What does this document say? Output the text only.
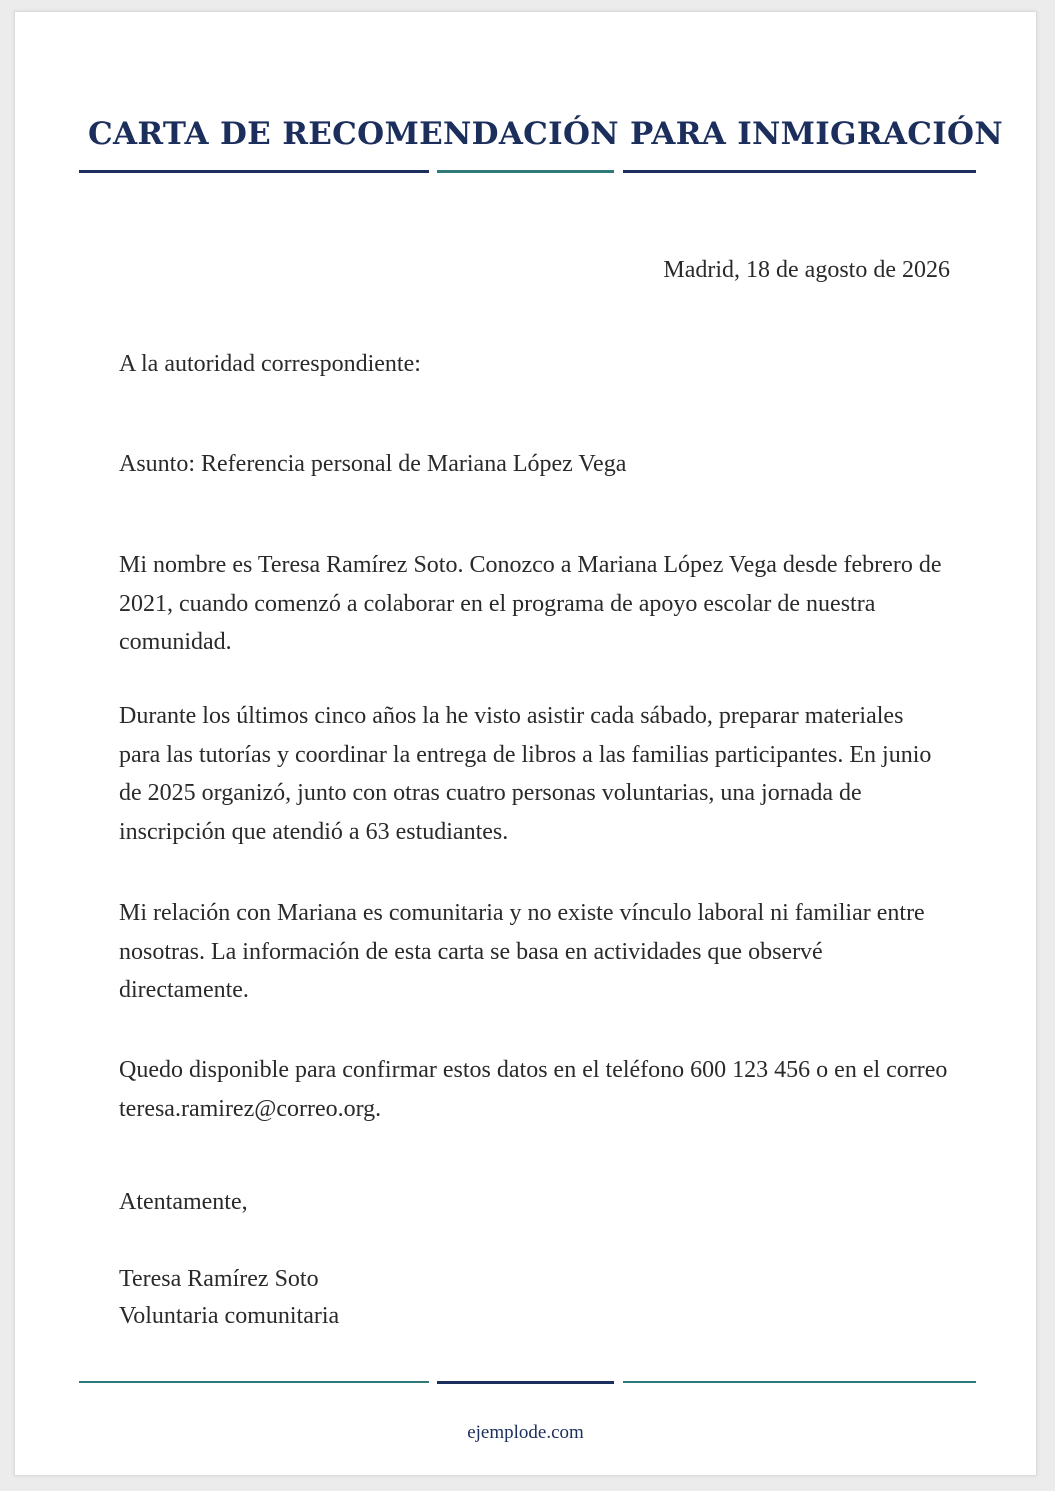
CARTA DE RECOMENDACIÓN PARA INMIGRACIÓN
Madrid, 18 de agosto de 2026

A la autoridad correspondiente:

Asunto: Referencia personal de Mariana López Vega

Mi nombre es Teresa Ramírez Soto. Conozco a Mariana López Vega desde febrero de 2021, cuando comenzó a colaborar en el programa de apoyo escolar de nuestra comunidad.

Durante los últimos cinco años la he visto asistir cada sábado, preparar materiales para las tutorías y coordinar la entrega de libros a las familias participantes. En junio de 2025 organizó, junto con otras cuatro personas voluntarias, una jornada de inscripción que atendió a 63 estudiantes.

Mi relación con Mariana es comunitaria y no existe vínculo laboral ni familiar entre nosotras. La información de esta carta se basa en actividades que observé directamente.

Quedo disponible para confirmar estos datos en el teléfono 600 123 456 o en el correo teresa.ramirez@correo.org.

Atentamente,

Teresa Ramírez Soto

Voluntaria comunitaria

ejemplode.com
